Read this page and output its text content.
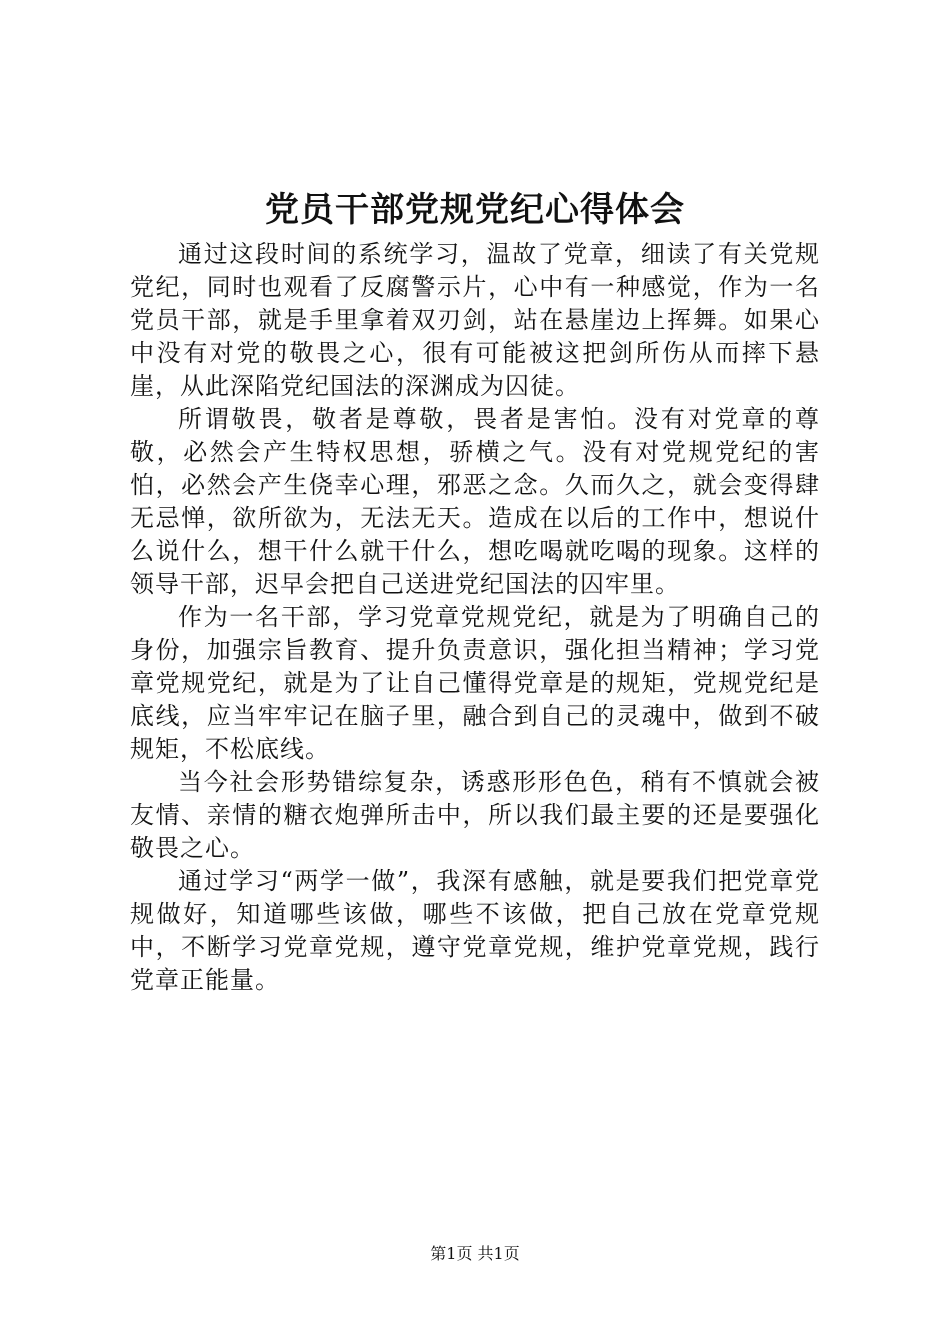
党员干部党规党纪心得体会

通过这段时间的系统学习，温故了党章，细读了有关党规党纪，同时也观看了反腐警示片，心中有一种感觉，作为一名党员干部，就是手里拿着双刃剑，站在悬崖边上挥舞。如果心中没有对党的敬畏之心，很有可能被这把剑所伤从而摔下悬崖，从此深陷党纪国法的深渊成为囚徒。

所谓敬畏，敬者是尊敬，畏者是害怕。没有对党章的尊敬，必然会产生特权思想，骄横之气。没有对党规党纪的害怕，必然会产生侥幸心理，邪恶之念。久而久之，就会变得肆无忌惮，欲所欲为，无法无天。造成在以后的工作中，想说什么说什么，想干什么就干什么，想吃喝就吃喝的现象。这样的领导干部，迟早会把自己送进党纪国法的囚牢里。

作为一名干部，学习党章党规党纪，就是为了明确自己的身份，加强宗旨教育、提升负责意识，强化担当精神；学习党章党规党纪，就是为了让自己懂得党章是的规矩，党规党纪是底线，应当牢牢记在脑子里，融合到自己的灵魂中，做到不破规矩，不松底线。

当今社会形势错综复杂，诱惑形形色色，稍有不慎就会被友情、亲情的糖衣炮弹所击中，所以我们最主要的还是要强化敬畏之心。

通过学习“两学一做”，我深有感触，就是要我们把党章党规做好，知道哪些该做，哪些不该做，把自己放在党章党规中，不断学习党章党规，遵守党章党规，维护党章党规，践行党章正能量。

第1页 共1页
